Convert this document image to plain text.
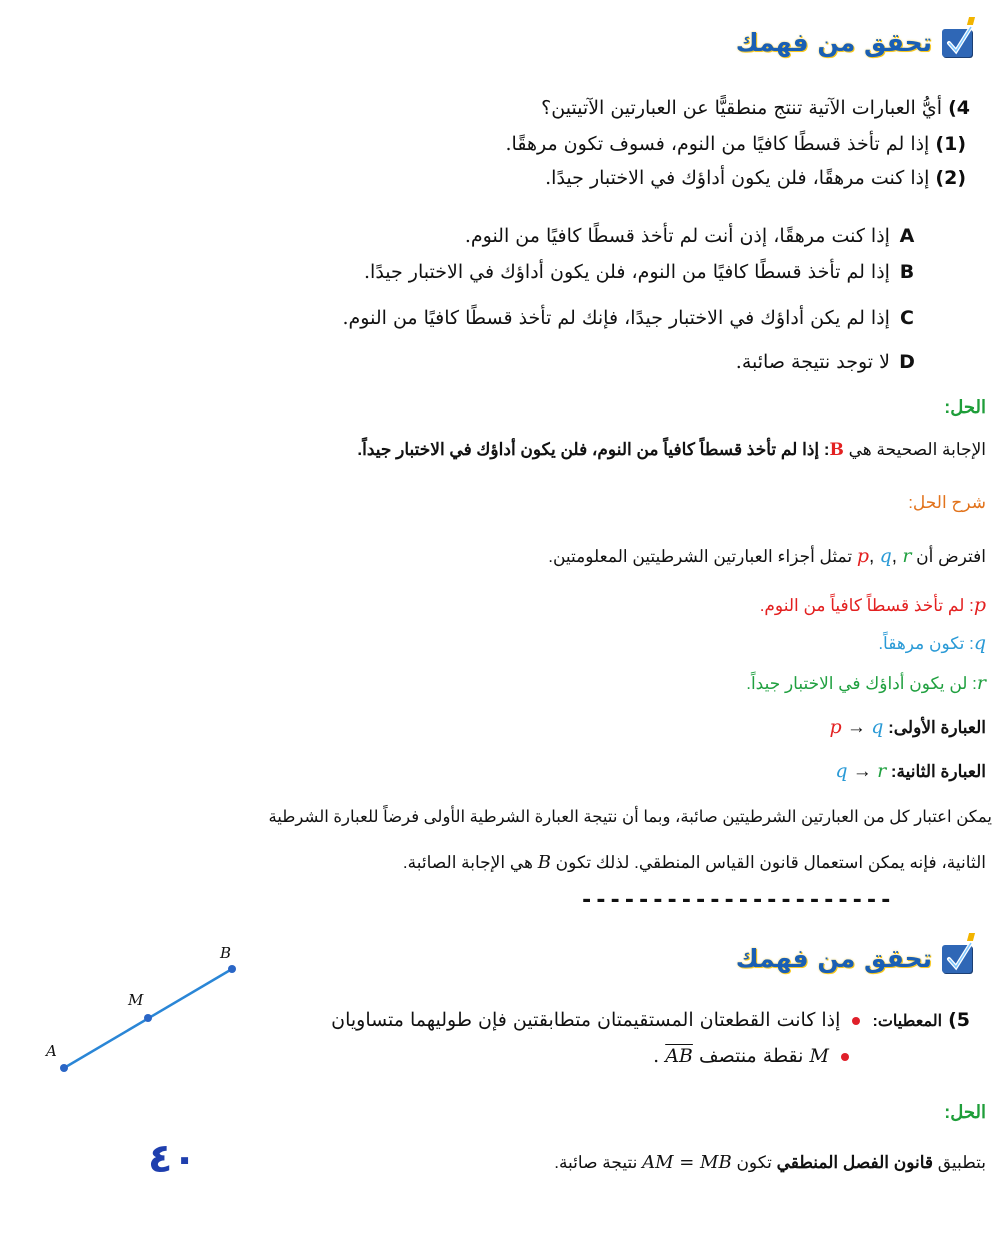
تحقق من فهمك
4) أيُّ العبارات الآتية تنتج منطقيًّا عن العبارتين الآتيتين؟
(1) إذا لم تأخذ قسطًا كافيًا من النوم، فسوف تكون مرهقًا.
(2) إذا كنت مرهقًا، فلن يكون أداؤك في الاختبار جيدًا.
A إذا كنت مرهقًا، إذن أنت لم تأخذ قسطًا كافيًا من النوم.
B إذا لم تأخذ قسطًا كافيًا من النوم، فلن يكون أداؤك في الاختبار جيدًا.
C إذا لم يكن أداؤك في الاختبار جيدًا، فإنك لم تأخذ قسطًا كافيًا من النوم.
D لا توجد نتيجة صائبة.
الحل:
الإجابة الصحيحة هي B: إذا لم تأخذ قسطاً كافياً من النوم، فلن يكون أداؤك في الاختبار جيداً.
شرح الحل:
افترض أن p, q, r تمثل أجزاء العبارتين الشرطيتين المعلومتين.
p: لم تأخذ قسطاً كافياً من النوم.
q: تكون مرهقاً.
r: لن يكون أداؤك في الاختبار جيداً.
العبارة الأولى: p → q
العبارة الثانية: q → r
يمكن اعتبار كل من العبارتين الشرطيتين صائبة، وبما أن نتيجة العبارة الشرطية الأولى فرضاً للعبارة الشرطية
الثانية، فإنه يمكن استعمال قانون القياس المنطقي. لذلك تكون B هي الإجابة الصائبة.
----------------------
تحقق من فهمك
A
M
B
5) المعطيات:  إذا كانت القطعتان المستقيمتان متطابقتين فإن طوليهما متساويان
M نقطة منتصف AB .
الحل:
بتطبيق قانون الفصل المنطقي تكون AM = MB نتيجة صائبة.
٤٠
